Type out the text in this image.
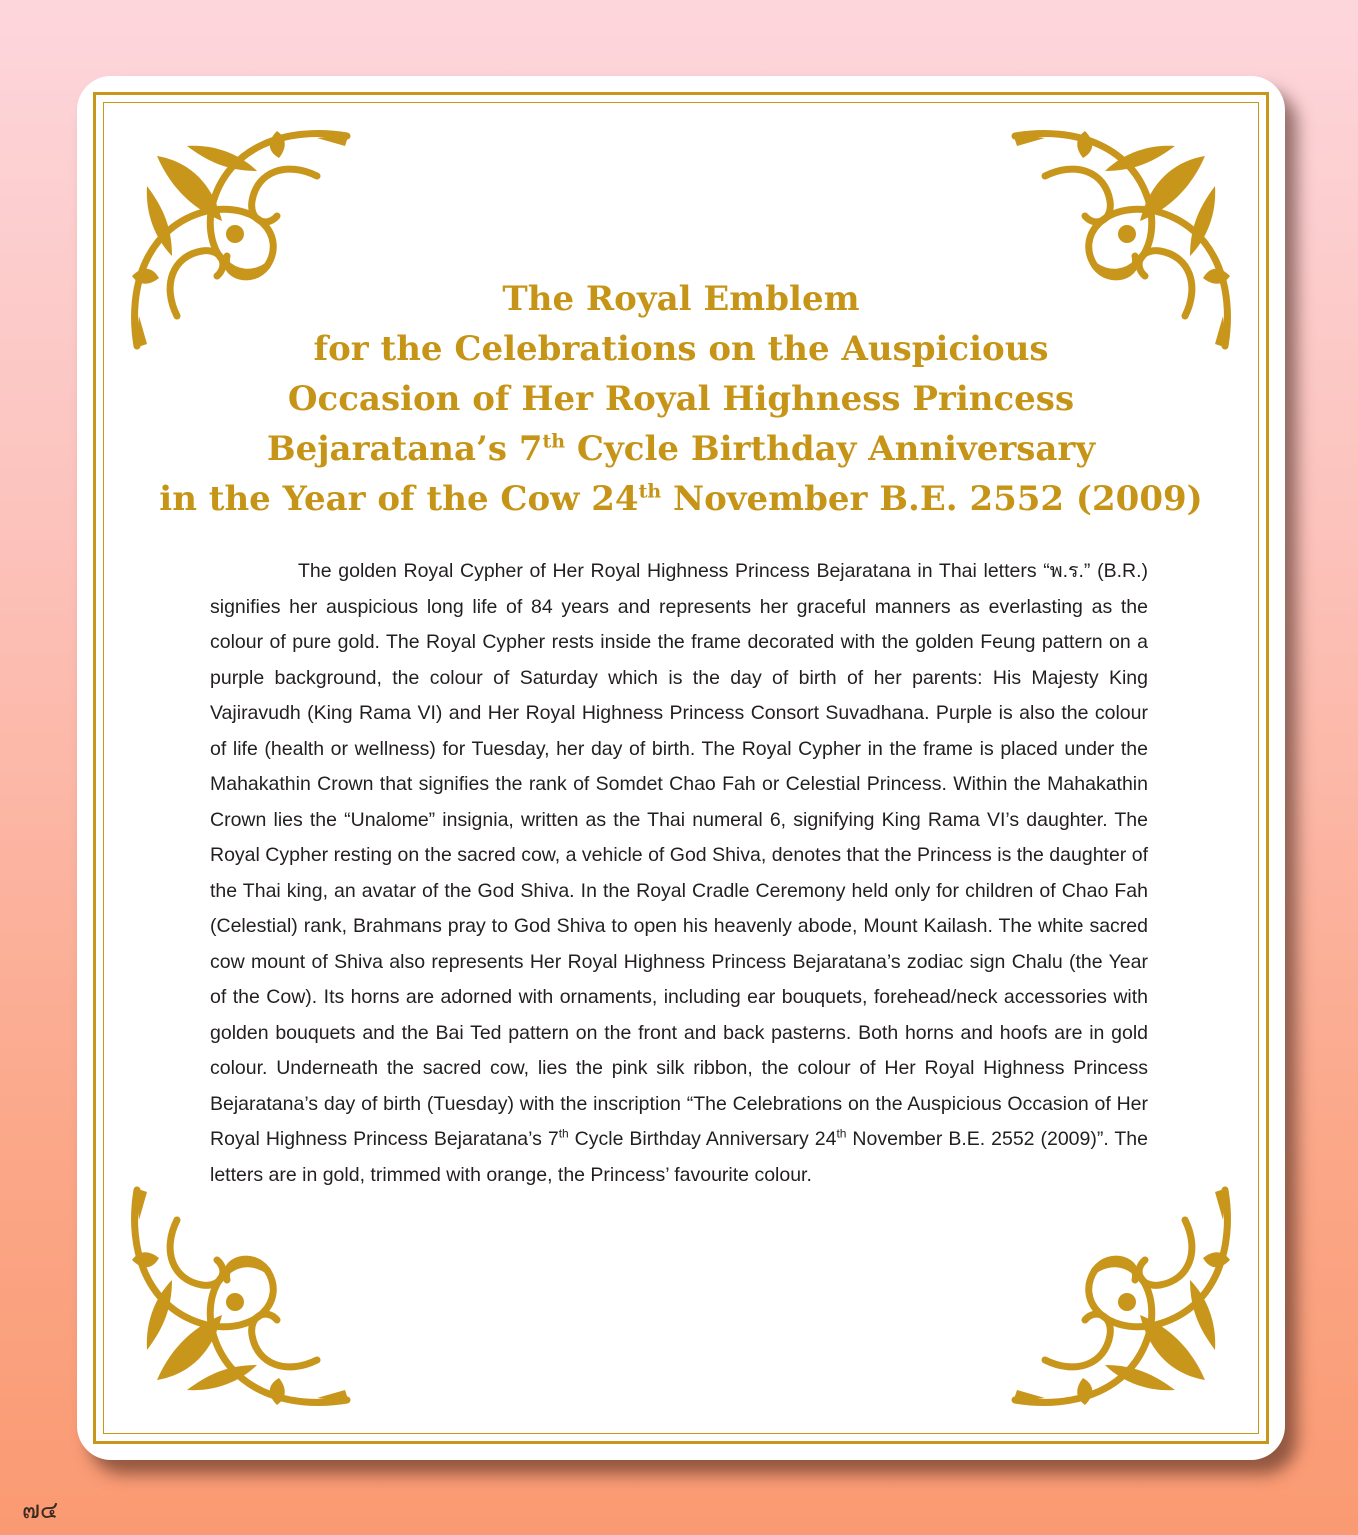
The Royal Emblem
for the Celebrations on the Auspicious
Occasion of Her Royal Highness Princess
Bejaratana’s 7th Cycle Birthday Anniversary
in the Year of the Cow 24th November B.E. 2552 (2009)

The golden Royal Cypher of Her Royal Highness Princess Bejaratana in Thai letters “พ.ร.” (B.R.) signifies her auspicious long life of 84 years and represents her graceful manners as everlasting as the colour of pure gold. The Royal Cypher rests inside the frame decorated with the golden Feung pattern on a purple background, the colour of Saturday which is the day of birth of her parents: His Majesty King Vajiravudh (King Rama VI) and Her Royal Highness Princess Consort Suvadhana. Purple is also the colour of life (health or wellness) for Tuesday, her day of birth. The Royal Cypher in the frame is placed under the Mahakathin Crown that signifies the rank of Somdet Chao Fah or Celestial Princess. Within the Mahakathin Crown lies the “Unalome” insignia, written as the Thai numeral 6, signifying King Rama VI’s daughter. The Royal Cypher resting on the sacred cow, a vehicle of God Shiva, denotes that the Princess is the daughter of the Thai king, an avatar of the God Shiva. In the Royal Cradle Ceremony held only for children of Chao Fah (Celestial) rank, Brahmans pray to God Shiva to open his heavenly abode, Mount Kailash. The white sacred cow mount of Shiva also represents Her Royal Highness Princess Bejaratana’s zodiac sign Chalu (the Year of the Cow). Its horns are adorned with ornaments, including ear bouquets, forehead/neck accessories with golden bouquets and the Bai Ted pattern on the front and back pasterns. Both horns and hoofs are in gold colour. Underneath the sacred cow, lies the pink silk ribbon, the colour of Her Royal Highness Princess Bejaratana’s day of birth (Tuesday) with the inscription “The Celebrations on the Auspicious Occasion of Her Royal Highness Princess Bejaratana’s 7th Cycle Birthday Anniversary 24th November B.E. 2552 (2009)”. The letters are in gold, trimmed with orange, the Princess’ favourite colour.

๗๔
